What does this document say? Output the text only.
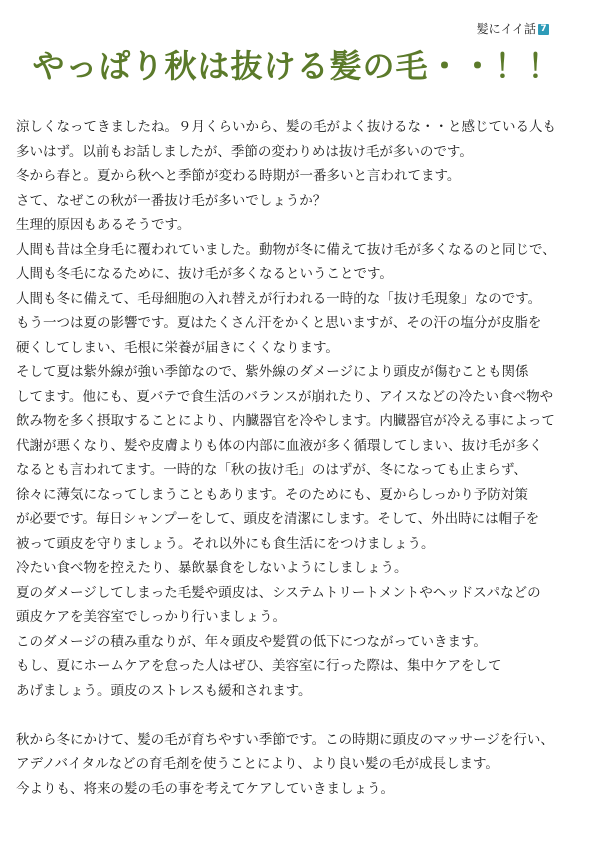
髪にイイ話 7
やっぱり秋は抜ける髪の毛・・！！
涼しくなってきましたね。９月くらいから、髪の毛がよく抜けるな・・と感じている人も
多いはず。以前もお話しましたが、季節の変わりめは抜け毛が多いのです。
冬から春と。夏から秋へと季節が変わる時期が一番多いと言われてます。
さて、なぜこの秋が一番抜け毛が多いでしょうか？
生理的原因もあるそうです。
人間も昔は全身毛に覆われていました。動物が冬に備えて抜け毛が多くなるのと同じで、
人間も冬毛になるために、抜け毛が多くなるということです。
人間も冬に備えて、毛母細胞の入れ替えが行われる一時的な「抜け毛現象」なのです。
もう一つは夏の影響です。夏はたくさん汗をかくと思いますが、その汗の塩分が皮脂を
硬くしてしまい、毛根に栄養が届きにくくなります。
そして夏は紫外線が強い季節なので、紫外線のダメージにより頭皮が傷むことも関係
してます。他にも、夏バテで食生活のバランスが崩れたり、アイスなどの冷たい食べ物や
飲み物を多く摂取することにより、内臓器官を冷やします。内臓器官が冷える事によって
代謝が悪くなり、髪や皮膚よりも体の内部に血液が多く循環してしまい、抜け毛が多く
なるとも言われてます。一時的な「秋の抜け毛」のはずが、冬になっても止まらず、
徐々に薄気になってしまうこともあります。そのためにも、夏からしっかり予防対策
が必要です。毎日シャンプーをして、頭皮を清潔にします。そして、外出時には帽子を
被って頭皮を守りましょう。それ以外にも食生活にをつけましょう。
冷たい食べ物を控えたり、暴飲暴食をしないようにしましょう。
夏のダメージしてしまった毛髪や頭皮は、システムトリートメントやヘッドスパなどの
頭皮ケアを美容室でしっかり行いましょう。
このダメージの積み重なりが、年々頭皮や髪質の低下につながっていきます。
もし、夏にホームケアを怠った人はぜひ、美容室に行った際は、集中ケアをして
あげましょう。頭皮のストレスも緩和されます。
秋から冬にかけて、髪の毛が育ちやすい季節です。この時期に頭皮のマッサージを行い、
アデノバイタルなどの育毛剤を使うことにより、より良い髪の毛が成長します。
今よりも、将来の髪の毛の事を考えてケアしていきましょう。
